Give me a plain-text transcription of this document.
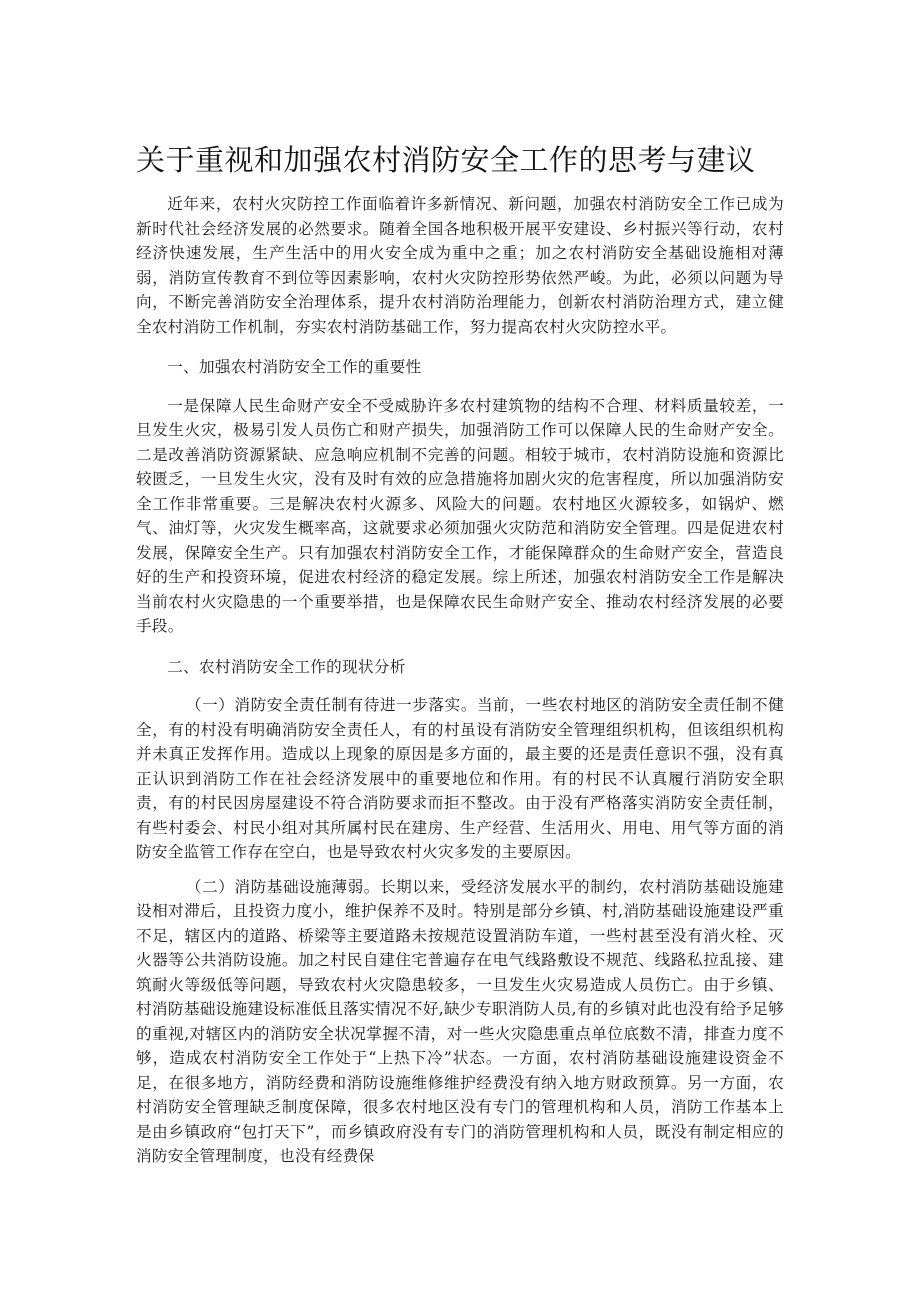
关于重视和加强农村消防安全工作的思考与建议

近年来，农村火灾防控工作面临着许多新情况、新问题，加强农村消防安全工作已成为新时代社会经济发展的必然要求。随着全国各地积极开展平安建设、乡村振兴等行动，农村经济快速发展，生产生活中的用火安全成为重中之重；加之农村消防安全基础设施相对薄弱，消防宣传教育不到位等因素影响，农村火灾防控形势依然严峻。为此，必须以问题为导向，不断完善消防安全治理体系，提升农村消防治理能力，创新农村消防治理方式，建立健全农村消防工作机制，夯实农村消防基础工作，努力提高农村火灾防控水平。

一、加强农村消防安全工作的重要性

一是保障人民生命财产安全不受威胁许多农村建筑物的结构不合理、材料质量较差，一旦发生火灾，极易引发人员伤亡和财产损失，加强消防工作可以保障人民的生命财产安全。二是改善消防资源紧缺、应急响应机制不完善的问题。相较于城市，农村消防设施和资源比较匮乏，一旦发生火灾，没有及时有效的应急措施将加剧火灾的危害程度，所以加强消防安全工作非常重要。三是解决农村火源多、风险大的问题。农村地区火源较多，如锅炉、燃气、油灯等，火灾发生概率高，这就要求必须加强火灾防范和消防安全管理。四是促进农村发展，保障安全生产。只有加强农村消防安全工作，才能保障群众的生命财产安全，营造良好的生产和投资环境，促进农村经济的稳定发展。综上所述，加强农村消防安全工作是解决当前农村火灾隐患的一个重要举措，也是保障农民生命财产安全、推动农村经济发展的必要手段。

二、农村消防安全工作的现状分析

（一）消防安全责任制有待进一步落实。当前，一些农村地区的消防安全责任制不健全，有的村没有明确消防安全责任人，有的村虽设有消防安全管理组织机构，但该组织机构并未真正发挥作用。造成以上现象的原因是多方面的，最主要的还是责任意识不强，没有真正认识到消防工作在社会经济发展中的重要地位和作用。有的村民不认真履行消防安全职责，有的村民因房屋建设不符合消防要求而拒不整改。由于没有严格落实消防安全责任制，有些村委会、村民小组对其所属村民在建房、生产经营、生活用火、用电、用气等方面的消防安全监管工作存在空白，也是导致农村火灾多发的主要原因。

（二）消防基础设施薄弱。长期以来，受经济发展水平的制约，农村消防基础设施建设相对滞后，且投资力度小，维护保养不及时。特别是部分乡镇、村,消防基础设施建设严重不足，辖区内的道路、桥梁等主要道路未按规范设置消防车道，一些村甚至没有消火栓、灭火器等公共消防设施。加之村民自建住宅普遍存在电气线路敷设不规范、线路私拉乱接、建筑耐火等级低等问题，导致农村火灾隐患较多，一旦发生火灾易造成人员伤亡。由于乡镇、村消防基础设施建设标准低且落实情况不好,缺少专职消防人员,有的乡镇对此也没有给予足够的重视,对辖区内的消防安全状况掌握不清，对一些火灾隐患重点单位底数不清，排查力度不够，造成农村消防安全工作处于“上热下冷”状态。一方面，农村消防基础设施建设资金不足，在很多地方，消防经费和消防设施维修维护经费没有纳入地方财政预算。另一方面，农村消防安全管理缺乏制度保障，很多农村地区没有专门的管理机构和人员，消防工作基本上是由乡镇政府“包打天下”，而乡镇政府没有专门的消防管理机构和人员，既没有制定相应的消防安全管理制度，也没有经费保
